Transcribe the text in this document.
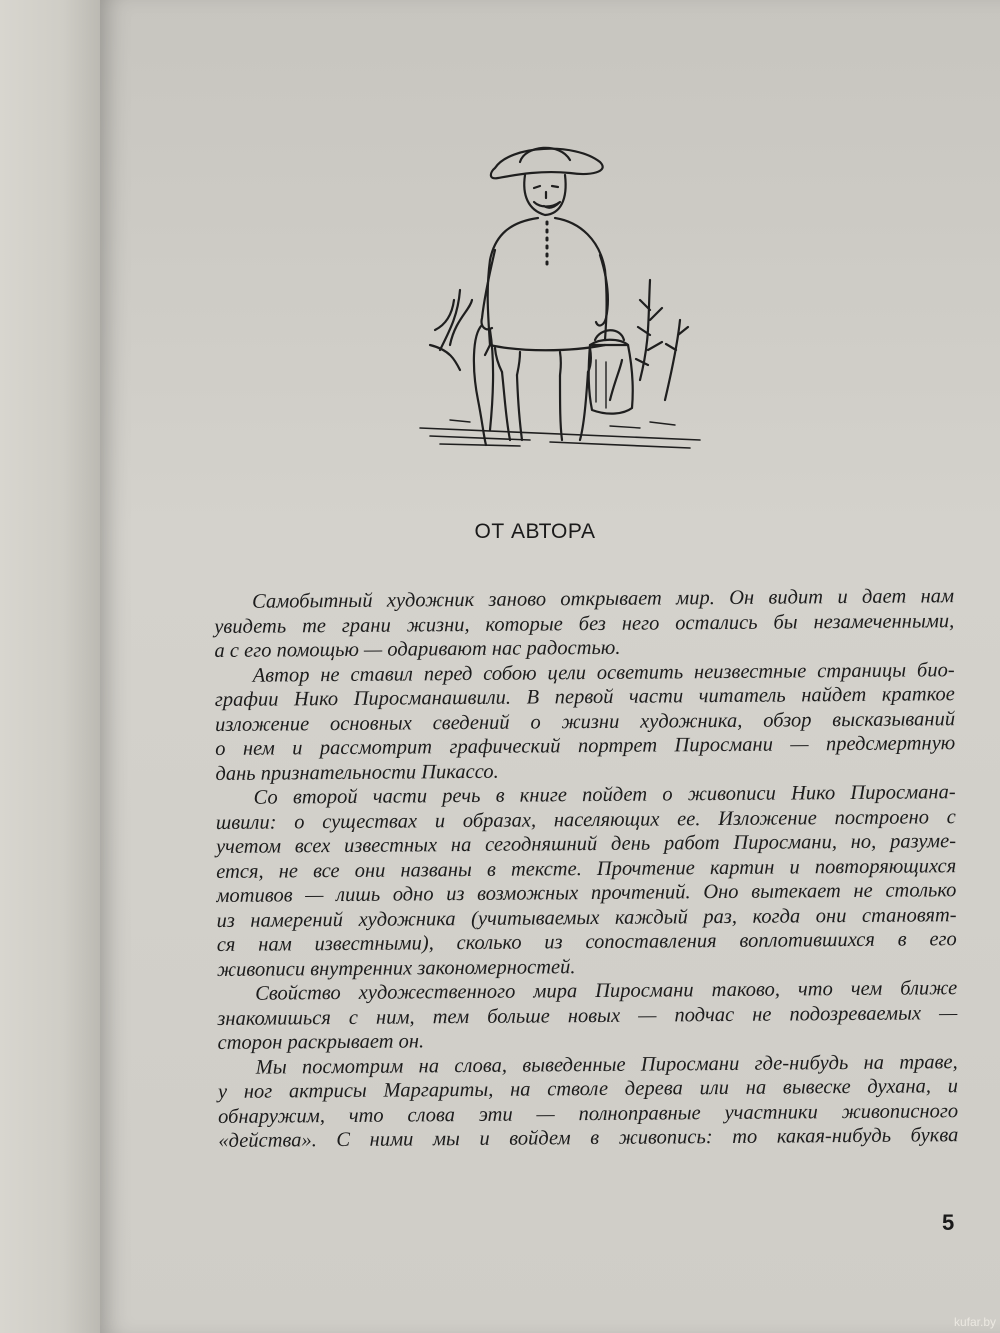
ОТ АВТОРА
Самобытный художник заново открывает мир. Он видит и дает нам
увидеть те грани жизни, которые без него остались бы незамеченными,
а с его помощью — одаривают нас радостью.
Автор не ставил перед собою цели осветить неизвестные страницы био-
графии Нико Пиросманашвили. В первой части читатель найдет краткое
изложение основных сведений о жизни художника, обзор высказываний
о нем и рассмотрит графический портрет Пиросмани — предсмертную
дань признательности Пикассо.
Со второй части речь в книге пойдет о живописи Нико Пиросмана-
швили: о существах и образах, населяющих ее. Изложение построено с
учетом всех известных на сегодняшний день работ Пиросмани, но, разуме-
ется, не все они названы в тексте. Прочтение картин и повторяющихся
мотивов — лишь одно из возможных прочтений. Оно вытекает не столько
из намерений художника (учитываемых каждый раз, когда они становят-
ся нам известными), сколько из сопоставления воплотившихся в его
живописи внутренних закономерностей.
Свойство художественного мира Пиросмани таково, что чем ближе
знакомишься с ним, тем больше новых — подчас не подозреваемых —
сторон раскрывает он.
Мы посмотрим на слова, выведенные Пиросмани где-нибудь на траве,
у ног актрисы Маргариты, на стволе дерева или на вывеске духана, и
обнаружим, что слова эти — полноправные участники живописного
«действа». С ними мы и войдем в живопись: то какая-нибудь буква
5
kufar.by
